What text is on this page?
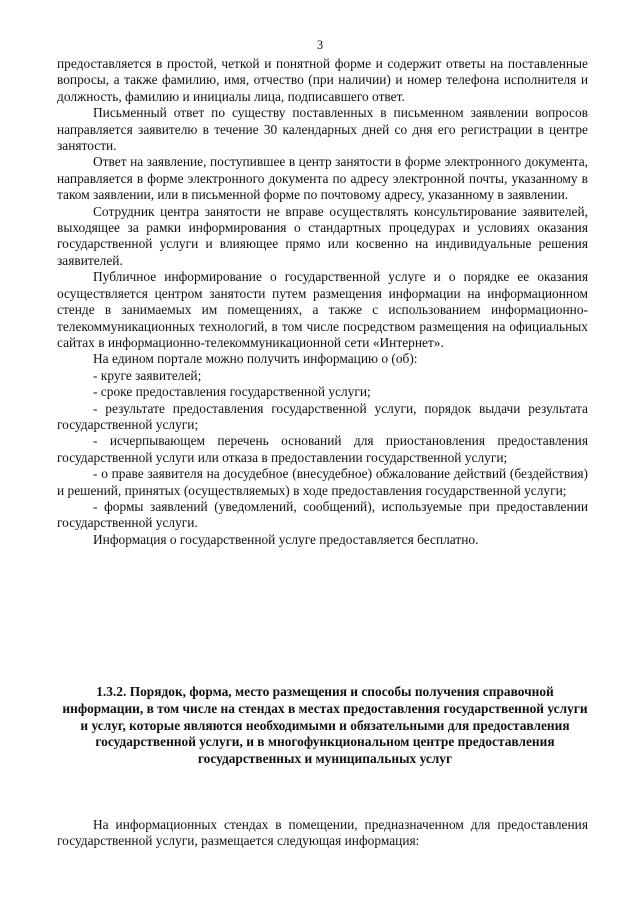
3

предоставляется в простой, четкой и понятной форме и содержит ответы на поставленные вопросы, а также фамилию, имя, отчество (при наличии) и номер телефона исполнителя и должность, фамилию и инициалы лица, подписавшего ответ.

Письменный ответ по существу поставленных в письменном заявлении вопросов направляется заявителю в течение 30 календарных дней со дня его регистрации в центре занятости.

Ответ на заявление, поступившее в центр занятости в форме электронного документа, направляется в форме электронного документа по адресу электронной почты, указанному в таком заявлении, или в письменной форме по почтовому адресу, указанному в заявлении.

Сотрудник центра занятости не вправе осуществлять консультирование заявителей, выходящее за рамки информирования о стандартных процедурах и условиях оказания государственной услуги и влияющее прямо или косвенно на индивидуальные решения заявителей.

Публичное информирование о государственной услуге и о порядке ее оказания осуществляется центром занятости путем размещения информации на информационном стенде в занимаемых им помещениях, а также с использованием информационно-телекоммуникационных технологий, в том числе посредством размещения на официальных сайтах в информационно-телекоммуникационной сети «Интернет».

На едином портале можно получить информацию о (об):

- круге заявителей;

- сроке предоставления государственной услуги;

- результате предоставления государственной услуги, порядок выдачи результата государственной услуги;

- исчерпывающем перечень оснований для приостановления предоставления государственной услуги или отказа в предоставлении государственной услуги;

- о праве заявителя на досудебное (внесудебное) обжалование действий (бездействия) и решений, принятых (осуществляемых) в ходе предоставления государственной услуги;

- формы заявлений (уведомлений, сообщений), используемые при предоставлении государственной услуги.

Информация о государственной услуге предоставляется бесплатно.

1.3.2. Порядок, форма, место размещения и способы получения справочной информации, в том числе на стендах в местах предоставления государственной услуги и услуг, которые являются необходимыми и обязательными для предоставления государственной услуги, и в многофункциональном центре предоставления государственных и муниципальных услуг

На информационных стендах в помещении, предназначенном для предоставления государственной услуги, размещается следующая информация:
